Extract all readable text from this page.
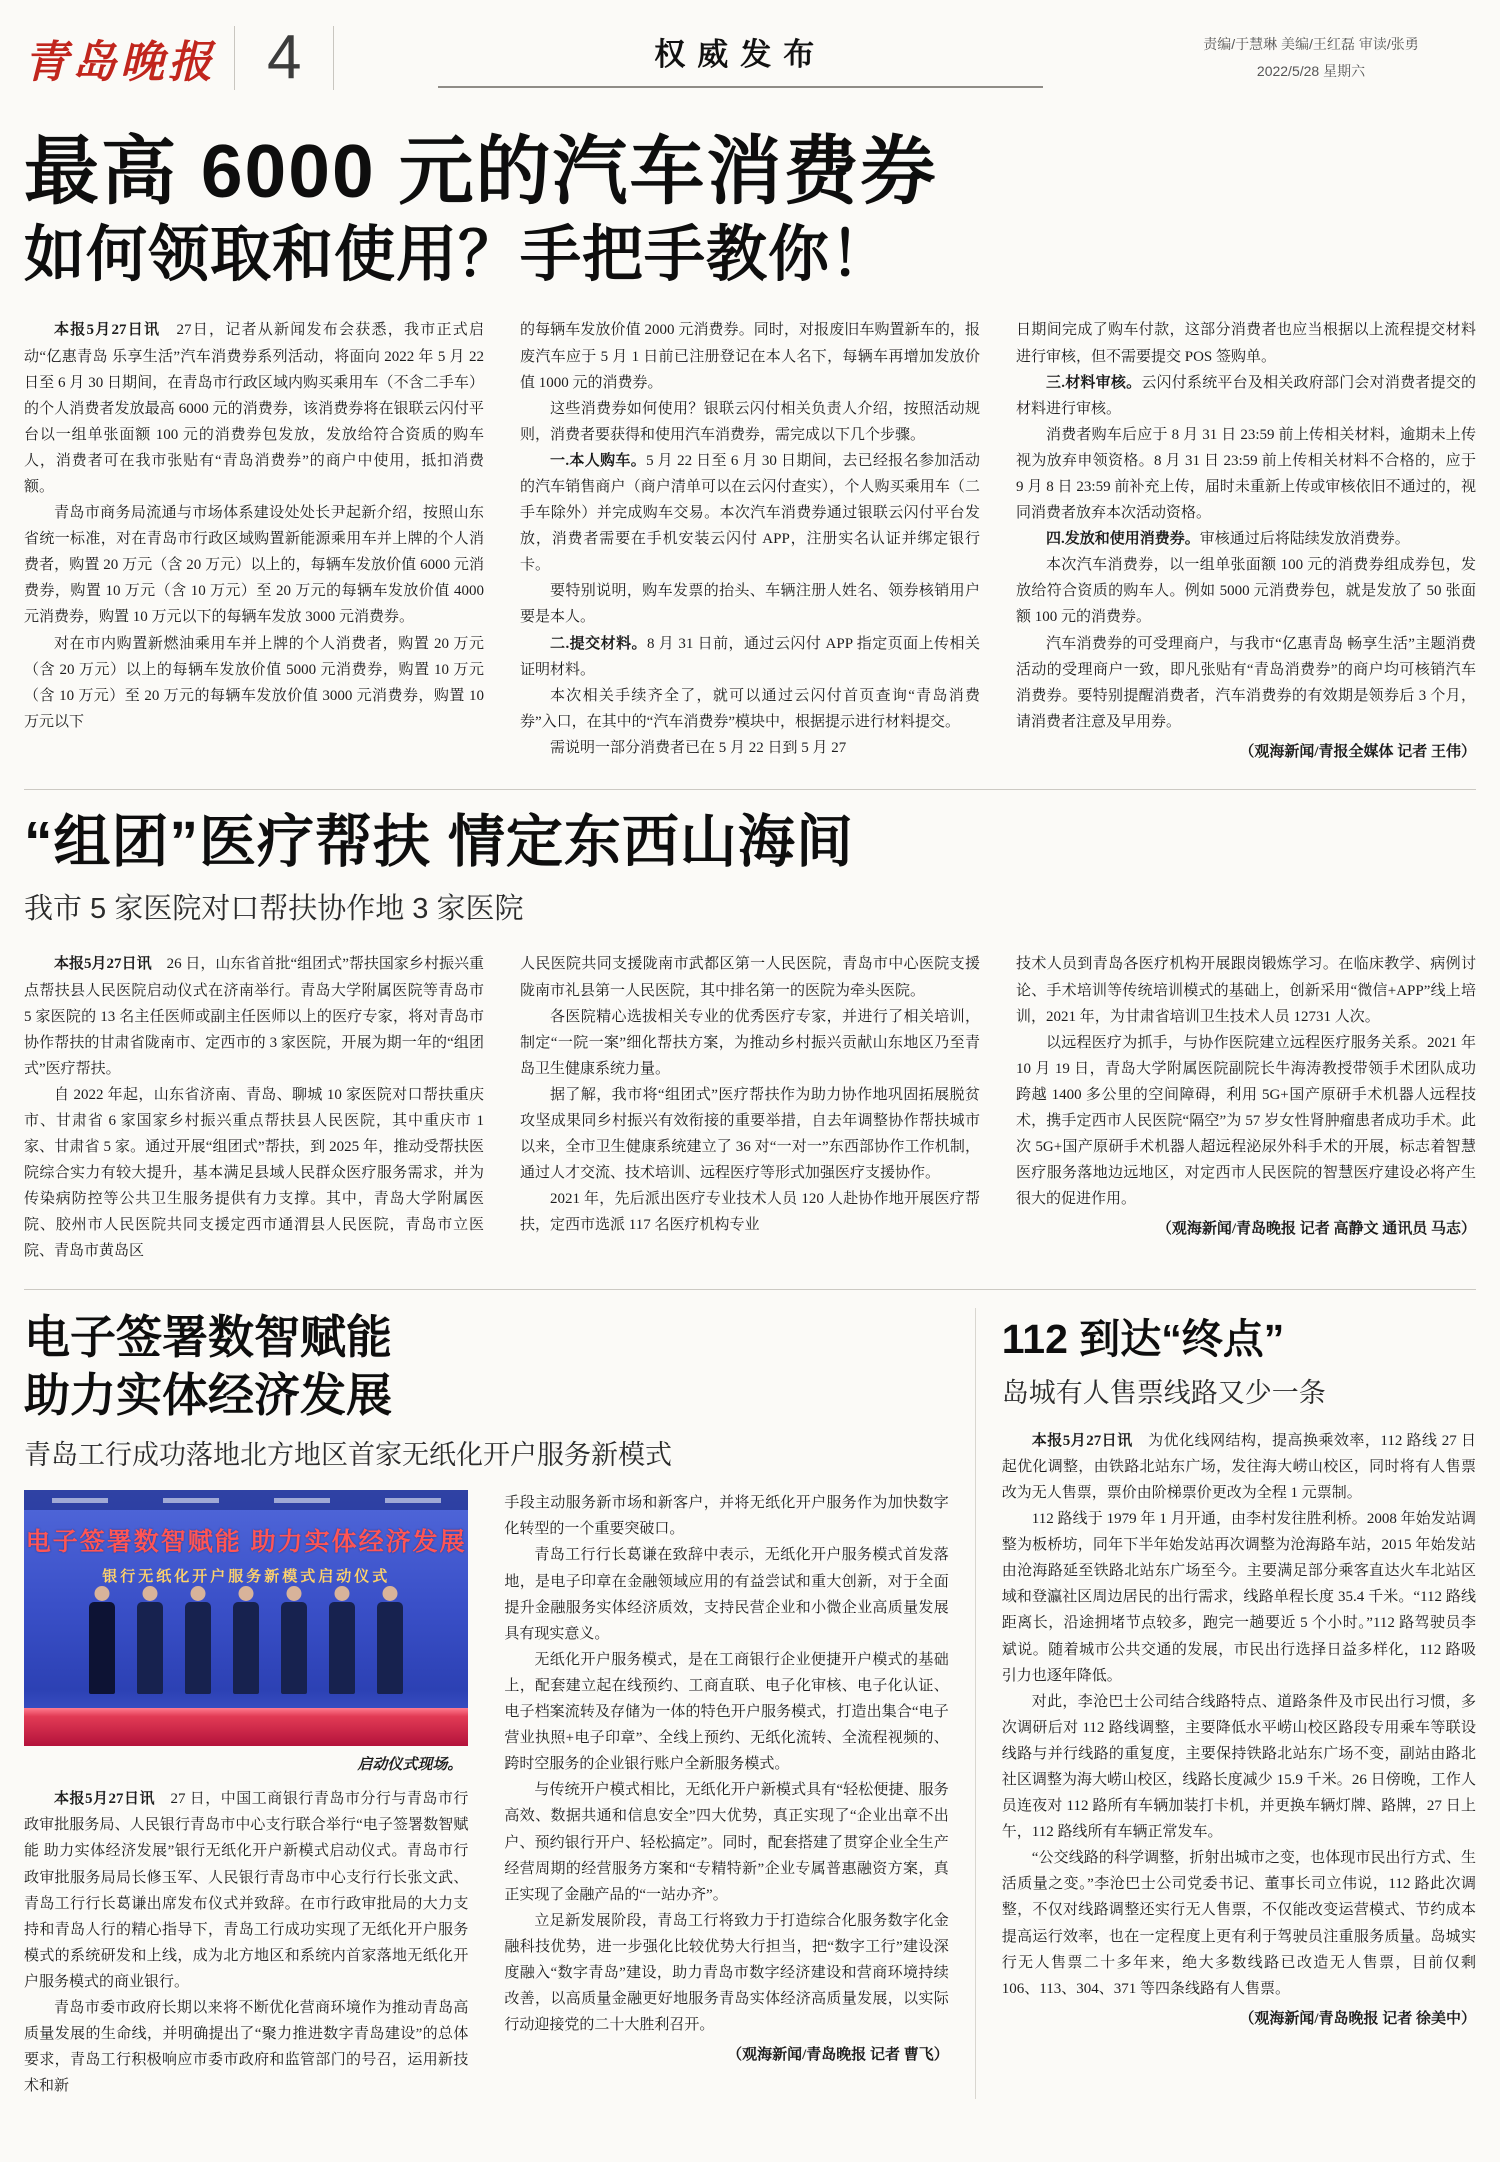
青岛晚报 4	权威发布	责编/于慧琳 美编/王红磊 审读/张勇
2022/5/28 星期六
最高 6000 元的汽车消费券
如何领取和使用？手把手教你！

本报5月27日讯　27日，记者从新闻发布会获悉，我市正式启动“亿惠青岛 乐享生活”汽车消费券系列活动，将面向 2022 年 5 月 22 日至 6 月 30 日期间，在青岛市行政区域内购买乘用车（不含二手车）的个人消费者发放最高 6000 元的消费券，该消费券将在银联云闪付平台以一组单张面额 100 元的消费券包发放，发放给符合资质的购车人，消费者可在我市张贴有“青岛消费券”的商户中使用，抵扣消费额。

青岛市商务局流通与市场体系建设处处长尹起新介绍，按照山东省统一标准，对在青岛市行政区域购置新能源乘用车并上牌的个人消费者，购置 20 万元（含 20 万元）以上的，每辆车发放价值 6000 元消费券，购置 10 万元（含 10 万元）至 20 万元的每辆车发放价值 4000 元消费券，购置 10 万元以下的每辆车发放 3000 元消费券。

对在市内购置新燃油乘用车并上牌的个人消费者，购置 20 万元（含 20 万元）以上的每辆车发放价值 5000 元消费券，购置 10 万元（含 10 万元）至 20 万元的每辆车发放价值 3000 元消费券，购置 10 万元以下

的每辆车发放价值 2000 元消费券。同时，对报废旧车购置新车的，报废汽车应于 5 月 1 日前已注册登记在本人名下，每辆车再增加发放价值 1000 元的消费券。

这些消费券如何使用？银联云闪付相关负责人介绍，按照活动规则，消费者要获得和使用汽车消费券，需完成以下几个步骤。

一.本人购车。5 月 22 日至 6 月 30 日期间，去已经报名参加活动的汽车销售商户（商户清单可以在云闪付查实），个人购买乘用车（二手车除外）并完成购车交易。本次汽车消费券通过银联云闪付平台发放，消费者需要在手机安装云闪付 APP，注册实名认证并绑定银行卡。

要特别说明，购车发票的抬头、车辆注册人姓名、领券核销用户要是本人。

二.提交材料。8 月 31 日前，通过云闪付 APP 指定页面上传相关证明材料。

本次相关手续齐全了，就可以通过云闪付首页查询“青岛消费券”入口，在其中的“汽车消费券”模块中，根据提示进行材料提交。

需说明一部分消费者已在 5 月 22 日到 5 月 27

日期间完成了购车付款，这部分消费者也应当根据以上流程提交材料进行审核，但不需要提交 POS 签购单。

三.材料审核。云闪付系统平台及相关政府部门会对消费者提交的材料进行审核。

消费者购车后应于 8 月 31 日 23:59 前上传相关材料，逾期未上传视为放弃申领资格。8 月 31 日 23:59 前上传相关材料不合格的，应于 9 月 8 日 23:59 前补充上传，届时未重新上传或审核依旧不通过的，视同消费者放弃本次活动资格。

四.发放和使用消费券。审核通过后将陆续发放消费券。

本次汽车消费券，以一组单张面额 100 元的消费券组成券包，发放给符合资质的购车人。例如 5000 元消费券包，就是发放了 50 张面额 100 元的消费券。

汽车消费券的可受理商户，与我市“亿惠青岛 畅享生活”主题消费活动的受理商户一致，即凡张贴有“青岛消费券”的商户均可核销汽车消费券。要特别提醒消费者，汽车消费券的有效期是领券后 3 个月，请消费者注意及早用券。

（观海新闻/青报全媒体 记者 王伟）

“组团”医疗帮扶 情定东西山海间
我市 5 家医院对口帮扶协作地 3 家医院

本报5月27日讯　26 日，山东省首批“组团式”帮扶国家乡村振兴重点帮扶县人民医院启动仪式在济南举行。青岛大学附属医院等青岛市 5 家医院的 13 名主任医师或副主任医师以上的医疗专家，将对青岛市协作帮扶的甘肃省陇南市、定西市的 3 家医院，开展为期一年的“组团式”医疗帮扶。

自 2022 年起，山东省济南、青岛、聊城 10 家医院对口帮扶重庆市、甘肃省 6 家国家乡村振兴重点帮扶县人民医院，其中重庆市 1 家、甘肃省 5 家。通过开展“组团式”帮扶，到 2025 年，推动受帮扶医院综合实力有较大提升，基本满足县域人民群众医疗服务需求，并为传染病防控等公共卫生服务提供有力支撑。其中，青岛大学附属医院、胶州市人民医院共同支援定西市通渭县人民医院，青岛市立医院、青岛市黄岛区

人民医院共同支援陇南市武都区第一人民医院，青岛市中心医院支援陇南市礼县第一人民医院，其中排名第一的医院为牵头医院。

各医院精心选拔相关专业的优秀医疗专家，并进行了相关培训，制定“一院一案”细化帮扶方案，为推动乡村振兴贡献山东地区乃至青岛卫生健康系统力量。

据了解，我市将“组团式”医疗帮扶作为助力协作地巩固拓展脱贫攻坚成果同乡村振兴有效衔接的重要举措，自去年调整协作帮扶城市以来，全市卫生健康系统建立了 36 对“一对一”东西部协作工作机制，通过人才交流、技术培训、远程医疗等形式加强医疗支援协作。

2021 年，先后派出医疗专业技术人员 120 人赴协作地开展医疗帮扶，定西市选派 117 名医疗机构专业

技术人员到青岛各医疗机构开展跟岗锻炼学习。在临床教学、病例讨论、手术培训等传统培训模式的基础上，创新采用“微信+APP”线上培训，2021 年，为甘肃省培训卫生技术人员 12731 人次。

以远程医疗为抓手，与协作医院建立远程医疗服务关系。2021 年 10 月 19 日，青岛大学附属医院副院长牛海涛教授带领手术团队成功跨越 1400 多公里的空间障碍，利用 5G+国产原研手术机器人远程技术，携手定西市人民医院“隔空”为 57 岁女性肾肿瘤患者成功手术。此次 5G+国产原研手术机器人超远程泌尿外科手术的开展，标志着智慧医疗服务落地边远地区，对定西市人民医院的智慧医疗建设必将产生很大的促进作用。

（观海新闻/青岛晚报 记者 高静文 通讯员 马志）

电子签署数智赋能
助力实体经济发展
青岛工行成功落地北方地区首家无纸化开户服务新模式
电子签署数智赋能 助力实体经济发展
银行无纸化开户服务新模式启动仪式
启动仪式现场。

本报5月27日讯　27 日，中国工商银行青岛市分行与青岛市行政审批服务局、人民银行青岛市中心支行联合举行“电子签署数智赋能 助力实体经济发展”银行无纸化开户新模式启动仪式。青岛市行政审批服务局局长修玉军、人民银行青岛市中心支行行长张文武、青岛工行行长葛谦出席发布仪式并致辞。在市行政审批局的大力支持和青岛人行的精心指导下，青岛工行成功实现了无纸化开户服务模式的系统研发和上线，成为北方地区和系统内首家落地无纸化开户服务模式的商业银行。

青岛市委市政府长期以来将不断优化营商环境作为推动青岛高质量发展的生命线，并明确提出了“聚力推进数字青岛建设”的总体要求，青岛工行积极响应市委市政府和监管部门的号召，运用新技术和新

手段主动服务新市场和新客户，并将无纸化开户服务作为加快数字化转型的一个重要突破口。

青岛工行行长葛谦在致辞中表示，无纸化开户服务模式首发落地，是电子印章在金融领域应用的有益尝试和重大创新，对于全面提升金融服务实体经济质效，支持民营企业和小微企业高质量发展具有现实意义。

无纸化开户服务模式，是在工商银行企业便捷开户模式的基础上，配套建立起在线预约、工商直联、电子化审核、电子化认证、电子档案流转及存储为一体的特色开户服务模式，打造出集合“电子营业执照+电子印章”、全线上预约、无纸化流转、全流程视频的、跨时空服务的企业银行账户全新服务模式。

与传统开户模式相比，无纸化开户新模式具有“轻松便捷、服务高效、数据共通和信息安全”四大优势，真正实现了“企业出章不出户、预约银行开户、轻松搞定”。同时，配套搭建了贯穿企业全生产经营周期的经营服务方案和“专精特新”企业专属普惠融资方案，真正实现了金融产品的“一站办齐”。

立足新发展阶段，青岛工行将致力于打造综合化服务数字化金融科技优势，进一步强化比较优势大行担当，把“数字工行”建设深度融入“数字青岛”建设，助力青岛市数字经济建设和营商环境持续改善，以高质量金融更好地服务青岛实体经济高质量发展，以实际行动迎接党的二十大胜利召开。

（观海新闻/青岛晚报 记者 曹飞）

112 到达“终点”
岛城有人售票线路又少一条

本报5月27日讯　为优化线网结构，提高换乘效率，112 路线 27 日起优化调整，由铁路北站东广场，发往海大崂山校区，同时将有人售票改为无人售票，票价由阶梯票价更改为全程 1 元票制。

112 路线于 1979 年 1 月开通，由李村发往胜利桥。2008 年始发站调整为板桥坊，同年下半年始发站再次调整为沧海路车站，2015 年始发站由沧海路延至铁路北站东广场至今。主要满足部分乘客直达火车北站区域和登瀛社区周边居民的出行需求，线路单程长度 35.4 千米。“112 路线距离长，沿途拥堵节点较多，跑完一趟要近 5 个小时。”112 路驾驶员李斌说。随着城市公共交通的发展，市民出行选择日益多样化，112 路吸引力也逐年降低。

对此，李沧巴士公司结合线路特点、道路条件及市民出行习惯，多次调研后对 112 路线调整，主要降低水平崂山校区路段专用乘车等联设线路与并行线路的重复度，主要保持铁路北站东广场不变，副站由路北社区调整为海大崂山校区，线路长度减少 15.9 千米。26 日傍晚，工作人员连夜对 112 路所有车辆加装打卡机，并更换车辆灯牌、路牌，27 日上午，112 路线所有车辆正常发车。

“公交线路的科学调整，折射出城市之变，也体现市民出行方式、生活质量之变。”李沧巴士公司党委书记、董事长司立伟说，112 路此次调整，不仅对线路调整还实行无人售票，不仅能改变运营模式、节约成本提高运行效率，也在一定程度上更有利于驾驶员注重服务质量。岛城实行无人售票二十多年来，绝大多数线路已改造无人售票，目前仅剩 106、113、304、371 等四条线路有人售票。

（观海新闻/青岛晚报 记者 徐美中）
